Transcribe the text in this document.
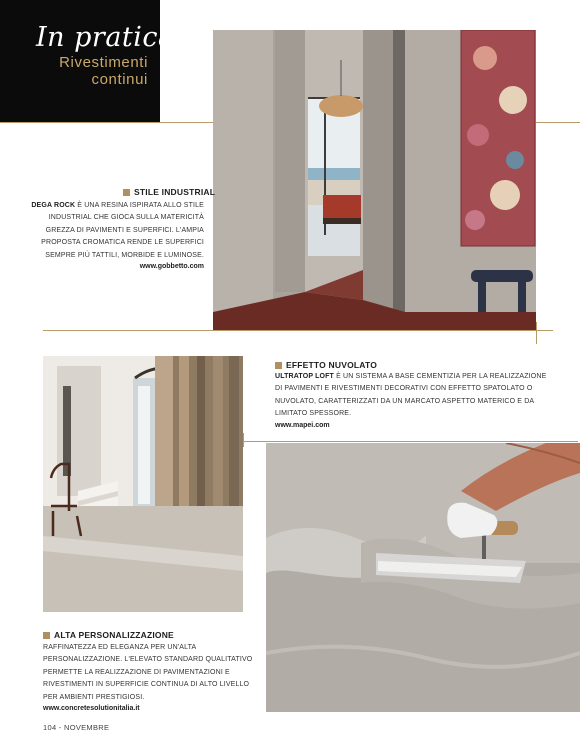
In pratica
Rivestimenti
continui
STILE INDUSTRIAL
DEGA ROCK È UNA RESINA ISPIRATA ALLO STILE
INDUSTRIAL CHE GIOCA SULLA MATERICITÀ
GREZZA DI PAVIMENTI E SUPERFICI. L'AMPIA
PROPOSTA CROMATICA RENDE LE SUPERFICI
SEMPRE PIÙ TATTILI, MORBIDE E LUMINOSE.
www.gobbetto.com
EFFETTO NUVOLATO
ULTRATOP LOFT È UN SISTEMA A BASE CEMENTIZIA PER LA REALIZZAZIONE
DI PAVIMENTI E RIVESTIMENTI DECORATIVI CON EFFETTO SPATOLATO O
NUVOLATO, CARATTERIZZATI DA UN MARCATO ASPETTO MATERICO E DA
LIMITATO SPESSORE.
www.mapei.com
ALTA PERSONALIZZAZIONE
RAFFINATEZZA ED ELEGANZA PER UN'ALTA
PERSONALIZZAZIONE. L'ELEVATO STANDARD QUALITATIVO
PERMETTE LA REALIZZAZIONE DI PAVIMENTAZIONI E
RIVESTIMENTI IN SUPERFICIE CONTINUA DI ALTO LIVELLO
PER AMBIENTI PRESTIGIOSI.
www.concretesolutionitalia.it
104 - NOVEMBRE
